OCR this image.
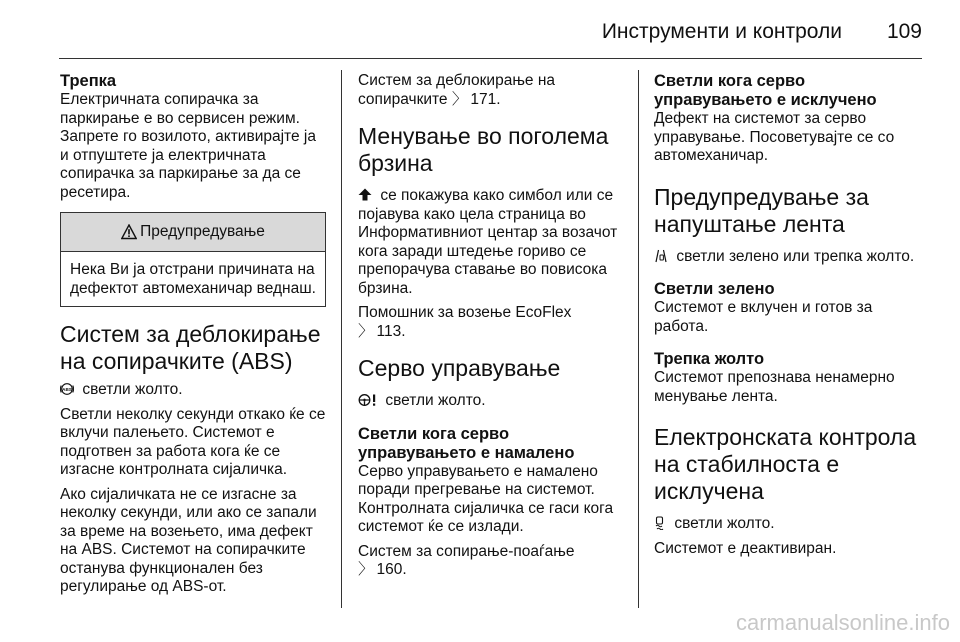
Инструменти и контроли 109
Трепка

Електричната сопирачка за паркирање е во сервисен режим. Запрете го возилото, активирајте ја и отпуштете ја електричната сопирачка за паркирање за да се ресетира.

Предупредување
Нека Ви ја отстрани причината на дефектот автомеханичар веднаш.
Систем за деблокирање на сопирачките (ABS)

ABS светли жолто.

Светли неколку секунди откако ќе се вклучи палењето. Системот е подготвен за работа кога ќе се изгасне контролната сијаличка.

Ако сијаличката не се изгасне за неколку секунди, или ако се запали за време на возењето, има дефект на ABS. Системот на сопирачките останува функционален без регулирање од ABS-от.

Систем за деблокирање на сопирачките 〉 171.

Менување во поголема брзина

се покажува како симбол или се појавува како цела страница во Информативниот центар за возачот кога заради штедење гориво се препорачува ставање во повисока брзина.

Помошник за возење EcoFlex
〉 113.

Серво управување

светли жолто.

Светли кога серво управувањето е намалено

Серво управувањето е намалено поради прегревање на системот. Контролната сијаличка се гаси кога системот ќе се излади.

Систем за сопирање-поаѓање
〉 160.

Светли кога серво управувањето е исклучено

Дефект на системот за серво управување. Посоветувајте се со автомеханичар.

Предупредување за напуштање лента

светли зелено или трепка жолто.

Светли зелено

Системот е вклучен и готов за работа.

Трепка жолто

Системот препознава ненамерно менување лента.

Електронската контрола на стабилноста е исклучена

светли жолто.

Системот е деактивиран.

carmanualsonline.info
